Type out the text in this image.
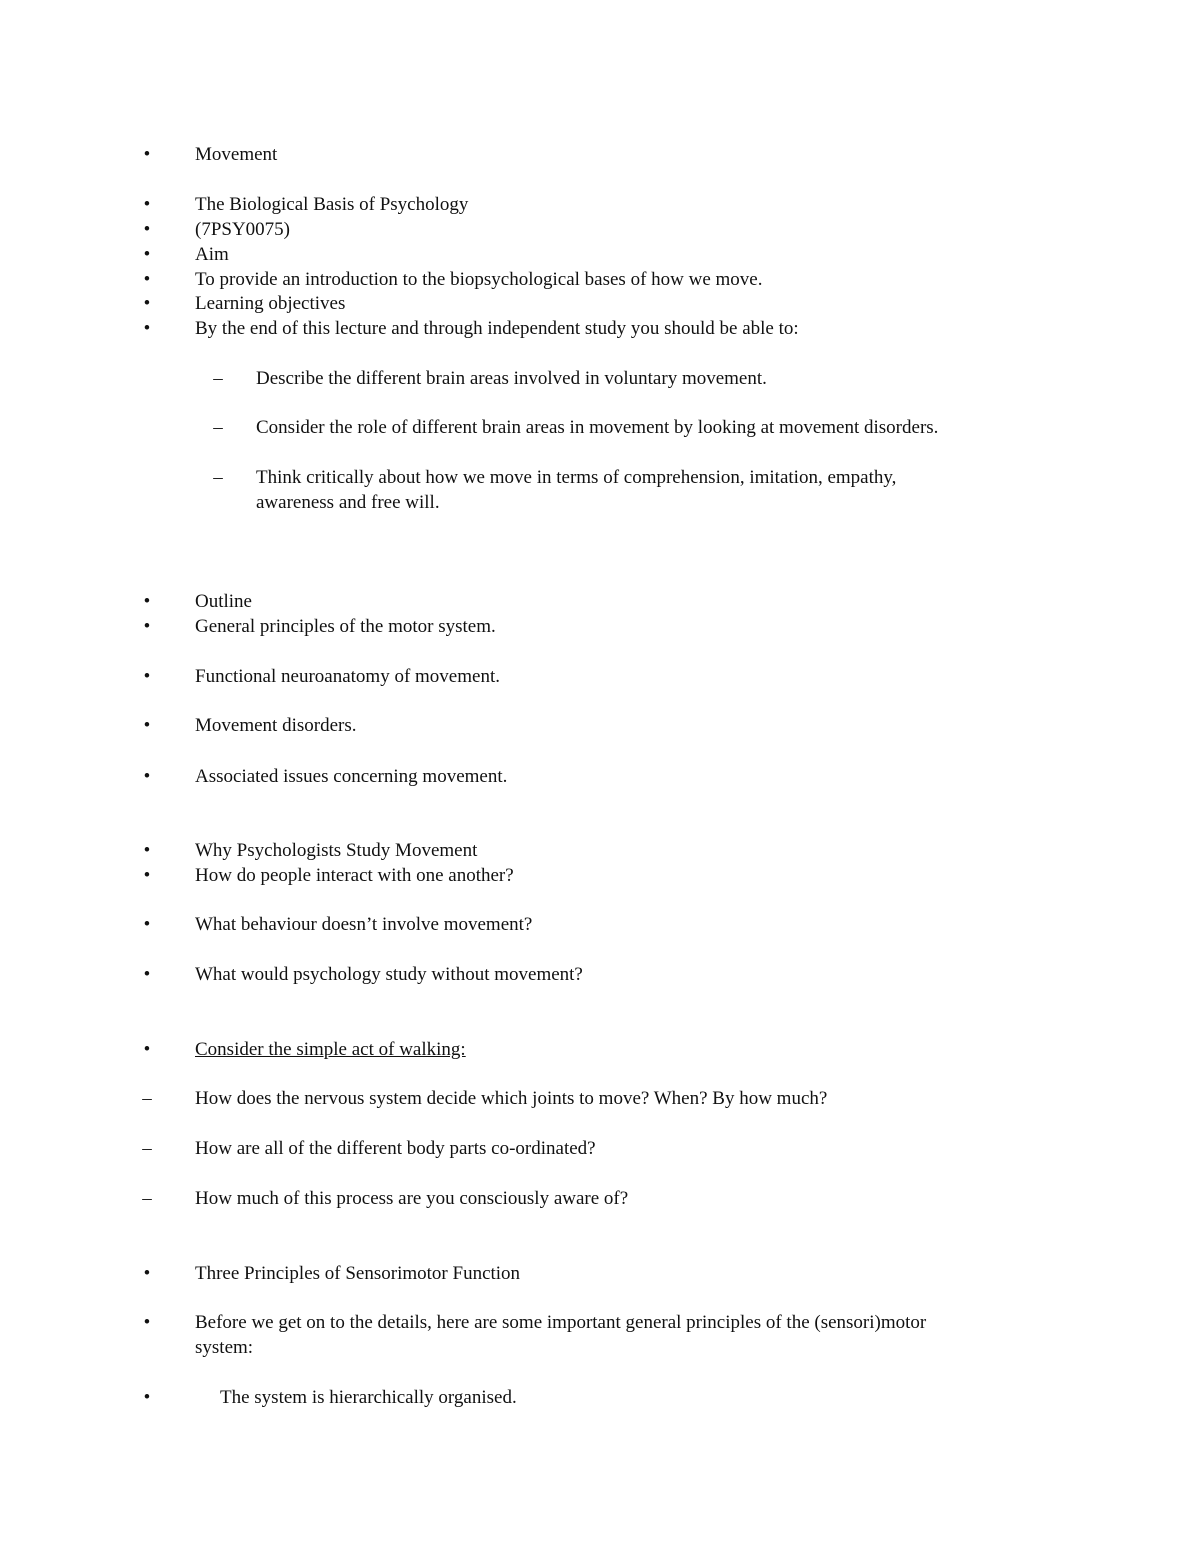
•	Movement
•	The Biological Basis of Psychology
•	(7PSY0075)
•	Aim
•	To provide an introduction to the biopsychological bases of how we move.
•	Learning objectives
•	By the end of this lecture and through independent study you should be able to:
–	Describe the different brain areas involved in voluntary movement.
–	Consider the role of different brain areas in movement by looking at movement disorders.
–	Think critically about how we move in terms of comprehension, imitation, empathy,
awareness and free will.
•	Outline
•	General principles of the motor system.
•	Functional neuroanatomy of movement.
•	Movement disorders.
•	Associated issues concerning movement.
•	Why Psychologists Study Movement
•	How do people interact with one another?
•	What behaviour doesn’t involve movement?
•	What would psychology study without movement?
•	Consider the simple act of walking:
–	How does the nervous system decide which joints to move? When? By how much?
–	How are all of the different body parts co-ordinated?
–	How much of this process are you consciously aware of?
•	Three Principles of Sensorimotor Function
•	Before we get on to the details, here are some important general principles of the (sensori)motor
system:
•	The system is hierarchically organised.
